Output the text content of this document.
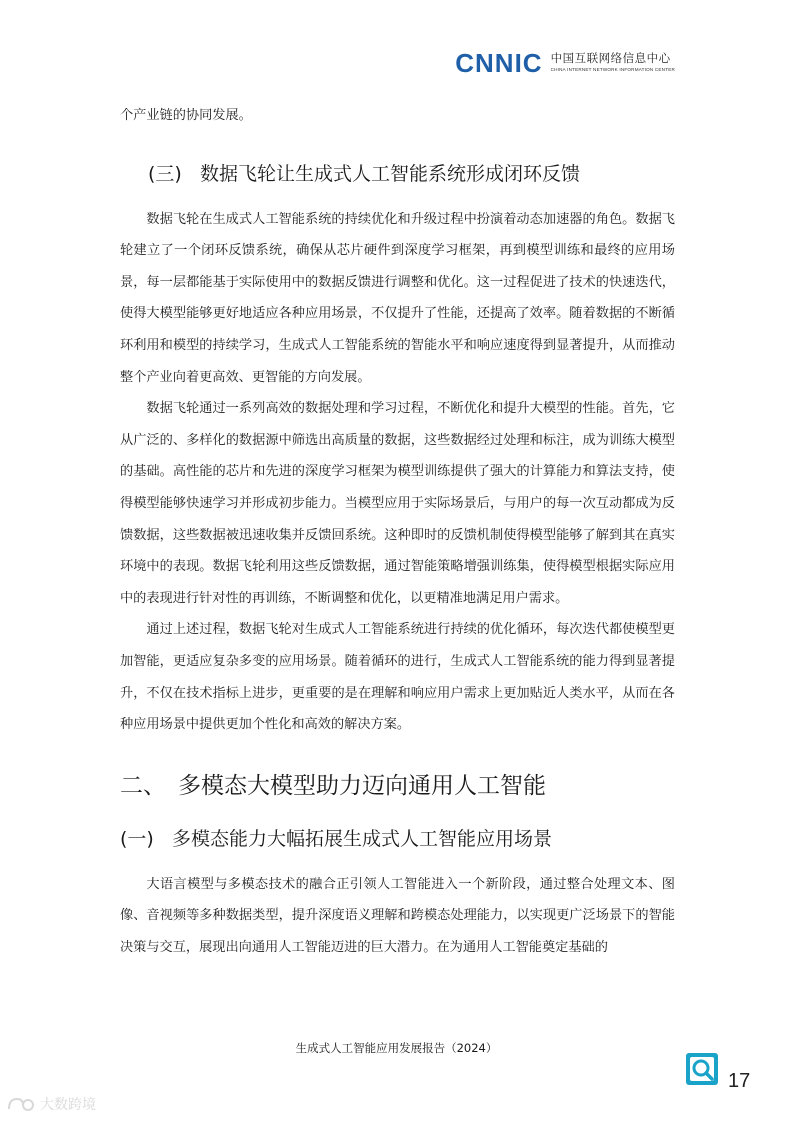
CNNIC 中国互联网络信息中心
CHINA INTERNET NETWORK INFORMATION CENTER

个产业链的协同发展。

(三) 数据飞轮让生成式人工智能系统形成闭环反馈

数据飞轮在生成式人工智能系统的持续优化和升级过程中扮演着动态加速器的角色。数据飞轮建立了一个闭环反馈系统，确保从芯片硬件到深度学习框架，再到模型训练和最终的应用场景，每一层都能基于实际使用中的数据反馈进行调整和优化。这一过程促进了技术的快速迭代，使得大模型能够更好地适应各种应用场景，不仅提升了性能，还提高了效率。随着数据的不断循环利用和模型的持续学习，生成式人工智能系统的智能水平和响应速度得到显著提升，从而推动整个产业向着更高效、更智能的方向发展。

数据飞轮通过一系列高效的数据处理和学习过程，不断优化和提升大模型的性能。首先，它从广泛的、多样化的数据源中筛选出高质量的数据，这些数据经过处理和标注，成为训练大模型的基础。高性能的芯片和先进的深度学习框架为模型训练提供了强大的计算能力和算法支持，使得模型能够快速学习并形成初步能力。当模型应用于实际场景后，与用户的每一次互动都成为反馈数据，这些数据被迅速收集并反馈回系统。这种即时的反馈机制使得模型能够了解到其在真实环境中的表现。数据飞轮利用这些反馈数据，通过智能策略增强训练集，使得模型根据实际应用中的表现进行针对性的再训练，不断调整和优化，以更精准地满足用户需求。

通过上述过程，数据飞轮对生成式人工智能系统进行持续的优化循环，每次迭代都使模型更加智能，更适应复杂多变的应用场景。随着循环的进行，生成式人工智能系统的能力得到显著提升，不仅在技术指标上进步，更重要的是在理解和响应用户需求上更加贴近人类水平，从而在各种应用场景中提供更加个性化和高效的解决方案。

二、 多模态大模型助力迈向通用人工智能
(一) 多模态能力大幅拓展生成式人工智能应用场景

大语言模型与多模态技术的融合正引领人工智能进入一个新阶段，通过整合处理文本、图像、音视频等多种数据类型，提升深度语义理解和跨模态处理能力，以实现更广泛场景下的智能决策与交互，展现出向通用人工智能迈进的巨大潜力。在为通用人工智能奠定基础的

生成式人工智能应用发展报告（2024）
17
大数跨境
